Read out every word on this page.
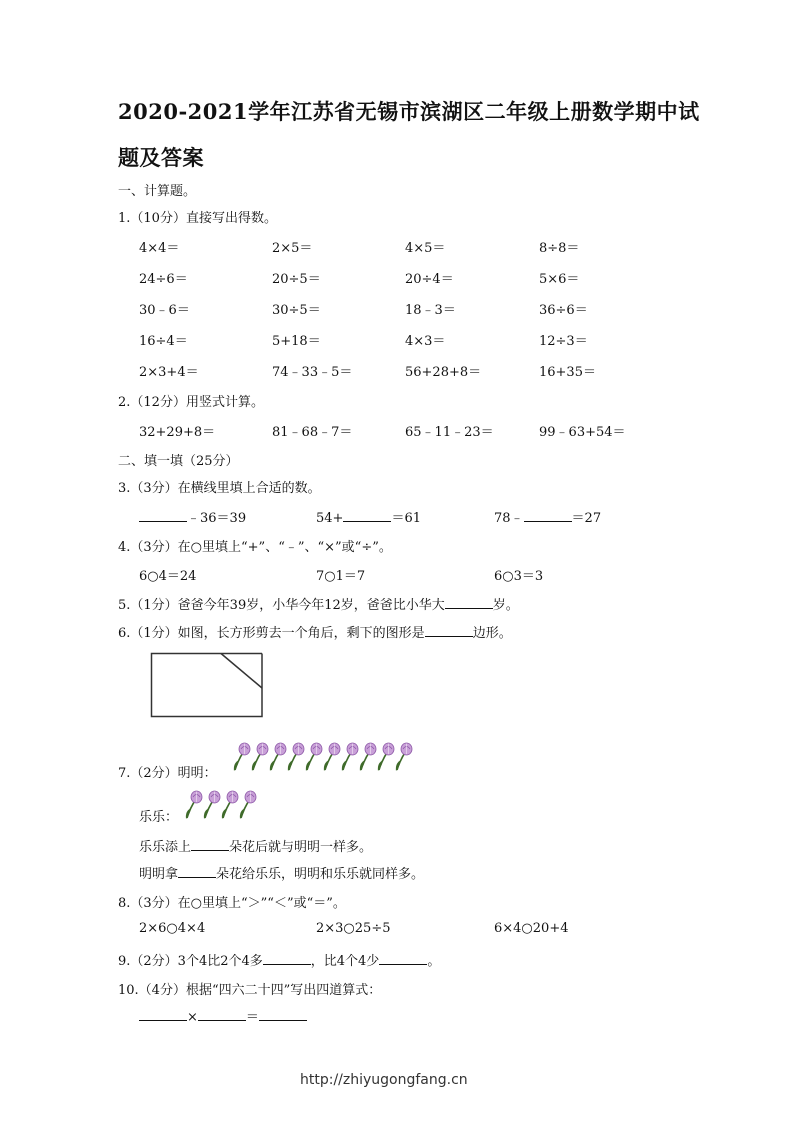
2020-2021学年江苏省无锡市滨湖区二年级上册数学期中试
题及答案
一、计算题。
1.（10分）直接写出得数。
4×4＝	2×5＝	4×5＝	8÷8＝
24÷6＝	20÷5＝	20÷4＝	5×6＝
30﹣6＝	30÷5＝	18﹣3＝	36÷6＝
16÷4＝	5+18＝	4×3＝	12÷3＝
2×3+4＝	74﹣33﹣5＝	56+28+8＝	16+35＝
2.（12分）用竖式计算。
32+29+8＝	81﹣68﹣7＝	65﹣11﹣23＝	99﹣63+54＝
二、填一填（25分）
3.（3分）在横线里填上合适的数。
﹣36＝39	54+	＝61	78﹣	＝27
4.（3分）在○里填上“+”、“﹣”、“×”或“÷”。
6○4＝24	7○1＝7	6○3＝3
5.（1分）爸爸今年39岁，小华今年12岁，爸爸比小华大	岁。
6.（1分）如图，长方形剪去一个角后，剩下的图形是	边形。
7.（2分）明明：
乐乐：
乐乐添上	朵花后就与明明一样多。
明明拿	朵花给乐乐，明明和乐乐就同样多。
8.（3分）在○里填上“＞”“＜”或“＝”。
2×6○4×4	2×3○25÷5	6×4○20+4
9.（2分）3个4比2个4多	，比4个4少	。
10.（4分）根据“四六二十四”写出四道算式：
×	＝
http://zhiyugongfang.cn
